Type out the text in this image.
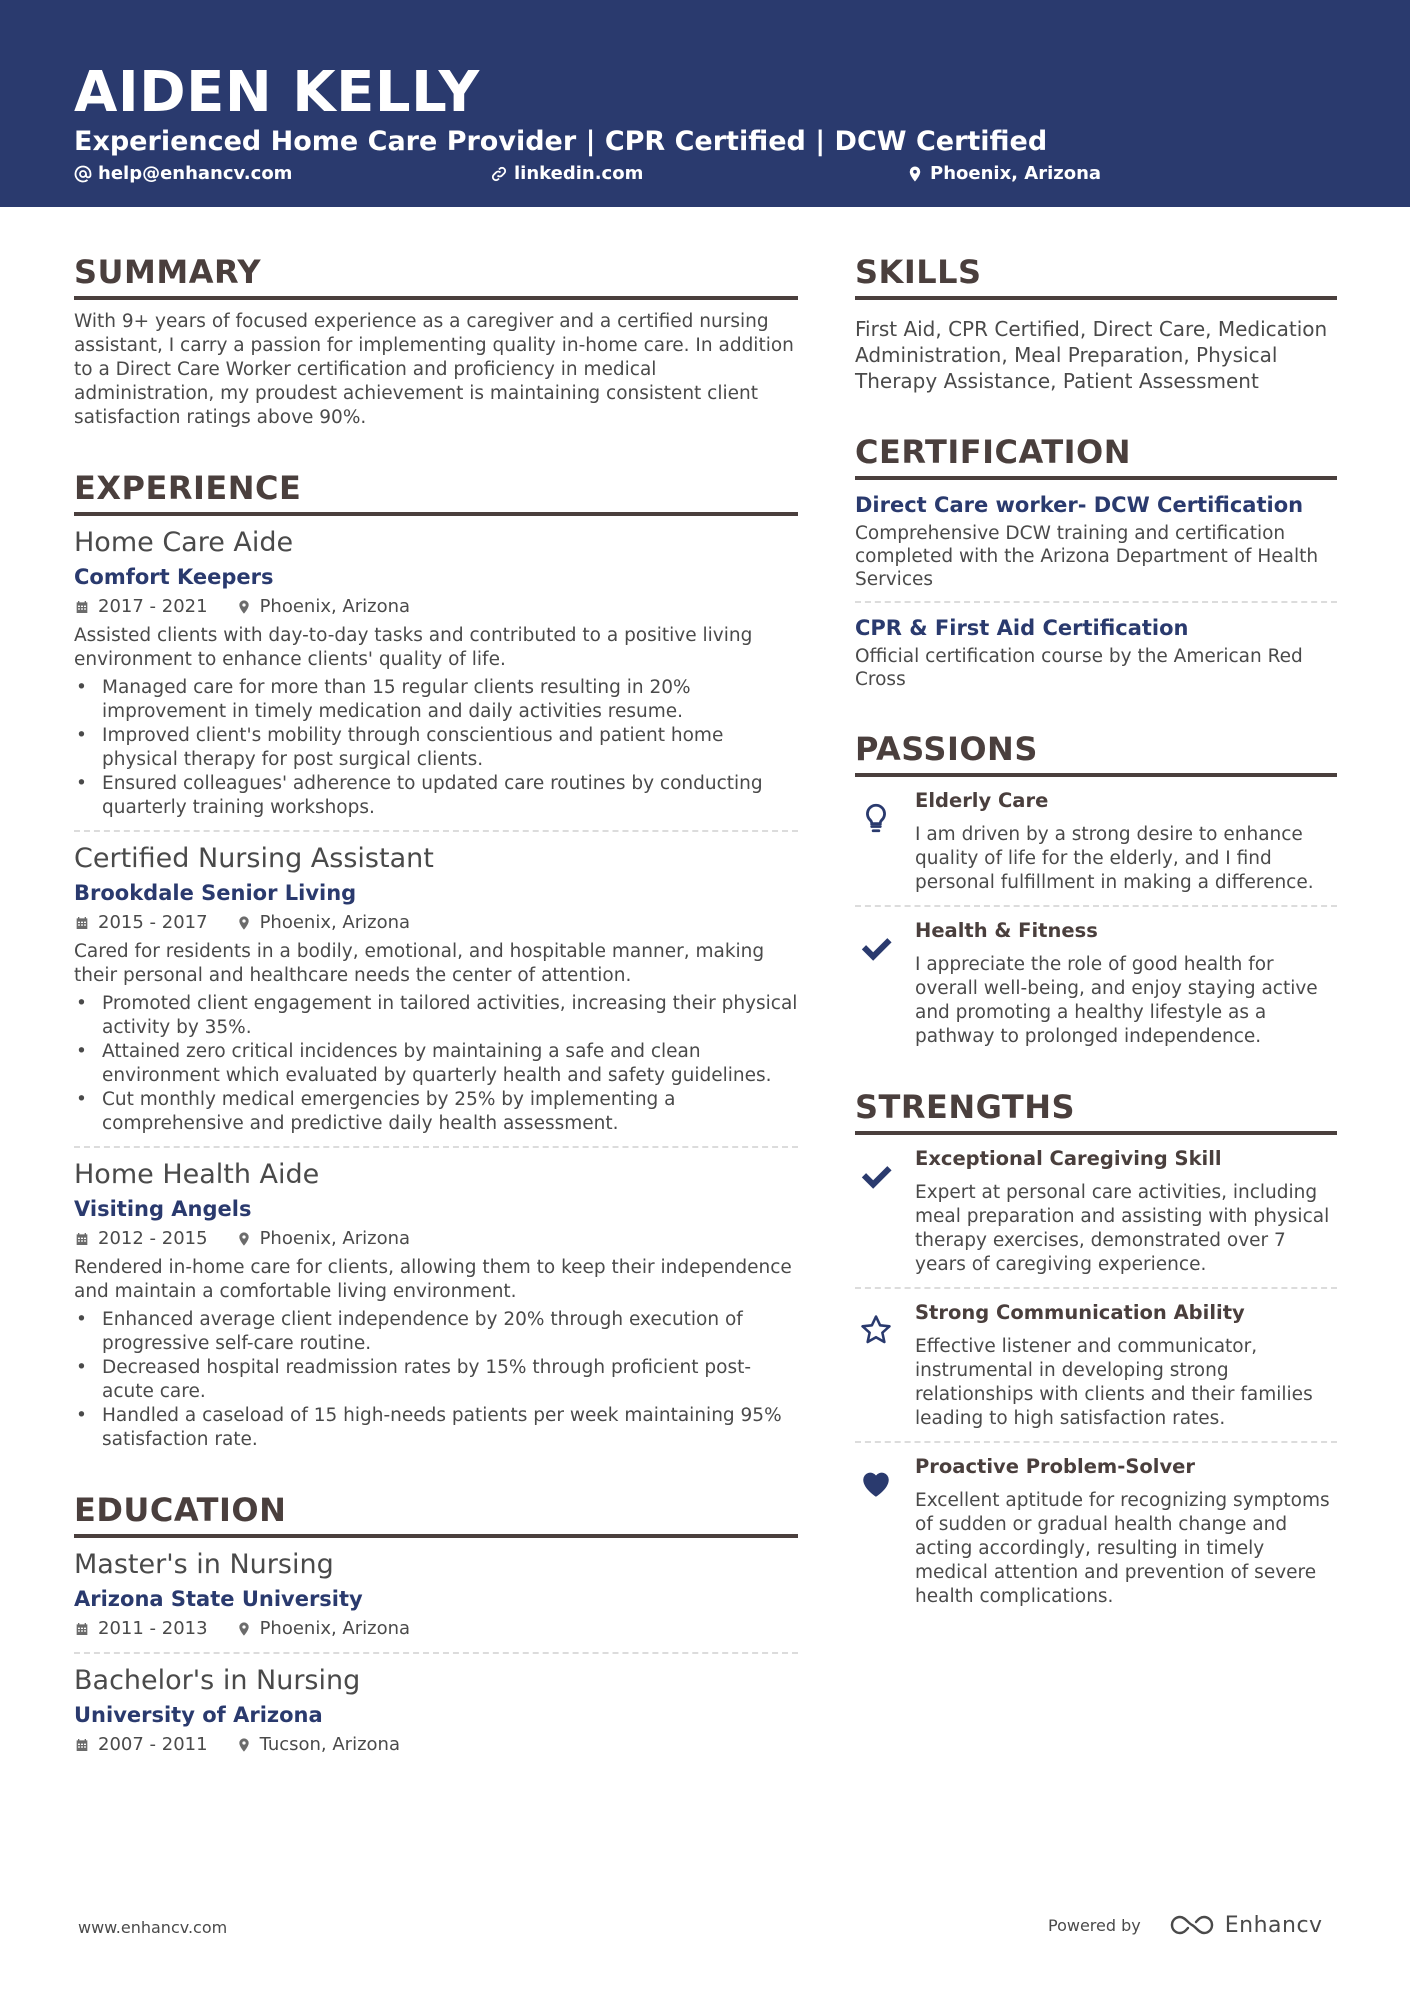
AIDEN KELLY
Experienced Home Care Provider | CPR Certified | DCW Certified
help@enhancv.com	linkedin.com	Phoenix, Arizona
SUMMARY

With 9+ years of focused experience as a caregiver and a certified nursing assistant, I carry a passion for implementing quality in-home care. In addition to a Direct Care Worker certification and proficiency in medical administration, my proudest achievement is maintaining consistent client satisfaction ratings above 90%.

EXPERIENCE
Home Care Aide
Comfort Keepers
2017 - 2021	Phoenix, Arizona

Assisted clients with day-to-day tasks and contributed to a positive living environment to enhance clients' quality of life.

• Managed care for more than 15 regular clients resulting in 20% improvement in timely medication and daily activities resume.
• Improved client's mobility through conscientious and patient home physical therapy for post surgical clients.
• Ensured colleagues' adherence to updated care routines by conducting quarterly training workshops.
Certified Nursing Assistant
Brookdale Senior Living
2015 - 2017	Phoenix, Arizona

Cared for residents in a bodily, emotional, and hospitable manner, making their personal and healthcare needs the center of attention.

• Promoted client engagement in tailored activities, increasing their physical activity by 35%.
• Attained zero critical incidences by maintaining a safe and clean environment which evaluated by quarterly health and safety guidelines.
• Cut monthly medical emergencies by 25% by implementing a comprehensive and predictive daily health assessment.
Home Health Aide
Visiting Angels
2012 - 2015	Phoenix, Arizona

Rendered in-home care for clients, allowing them to keep their independence and maintain a comfortable living environment.

• Enhanced average client independence by 20% through execution of progressive self-care routine.
• Decreased hospital readmission rates by 15% through proficient post-acute care.
• Handled a caseload of 15 high-needs patients per week maintaining 95% satisfaction rate.
EDUCATION
Master's in Nursing
Arizona State University
2011 - 2013	Phoenix, Arizona
Bachelor's in Nursing
University of Arizona
2007 - 2011	Tucson, Arizona
SKILLS

First Aid, CPR Certified, Direct Care, Medication Administration, Meal Preparation, Physical Therapy Assistance, Patient Assessment

CERTIFICATION
Direct Care worker- DCW Certification

Comprehensive DCW training and certification completed with the Arizona Department of Health Services

CPR & First Aid Certification

Official certification course by the American Red Cross

PASSIONS
Elderly Care

I am driven by a strong desire to enhance quality of life for the elderly, and I find personal fulfillment in making a difference.

Health & Fitness

I appreciate the role of good health for overall well-being, and enjoy staying active and promoting a healthy lifestyle as a pathway to prolonged independence.

STRENGTHS
Exceptional Caregiving Skill

Expert at personal care activities, including meal preparation and assisting with physical therapy exercises, demonstrated over 7 years of caregiving experience.

Strong Communication Ability

Effective listener and communicator, instrumental in developing strong relationships with clients and their families leading to high satisfaction rates.

Proactive Problem-Solver

Excellent aptitude for recognizing symptoms of sudden or gradual health change and acting accordingly, resulting in timely medical attention and prevention of severe health complications.

www.enhancv.com	Powered by	Enhancv
